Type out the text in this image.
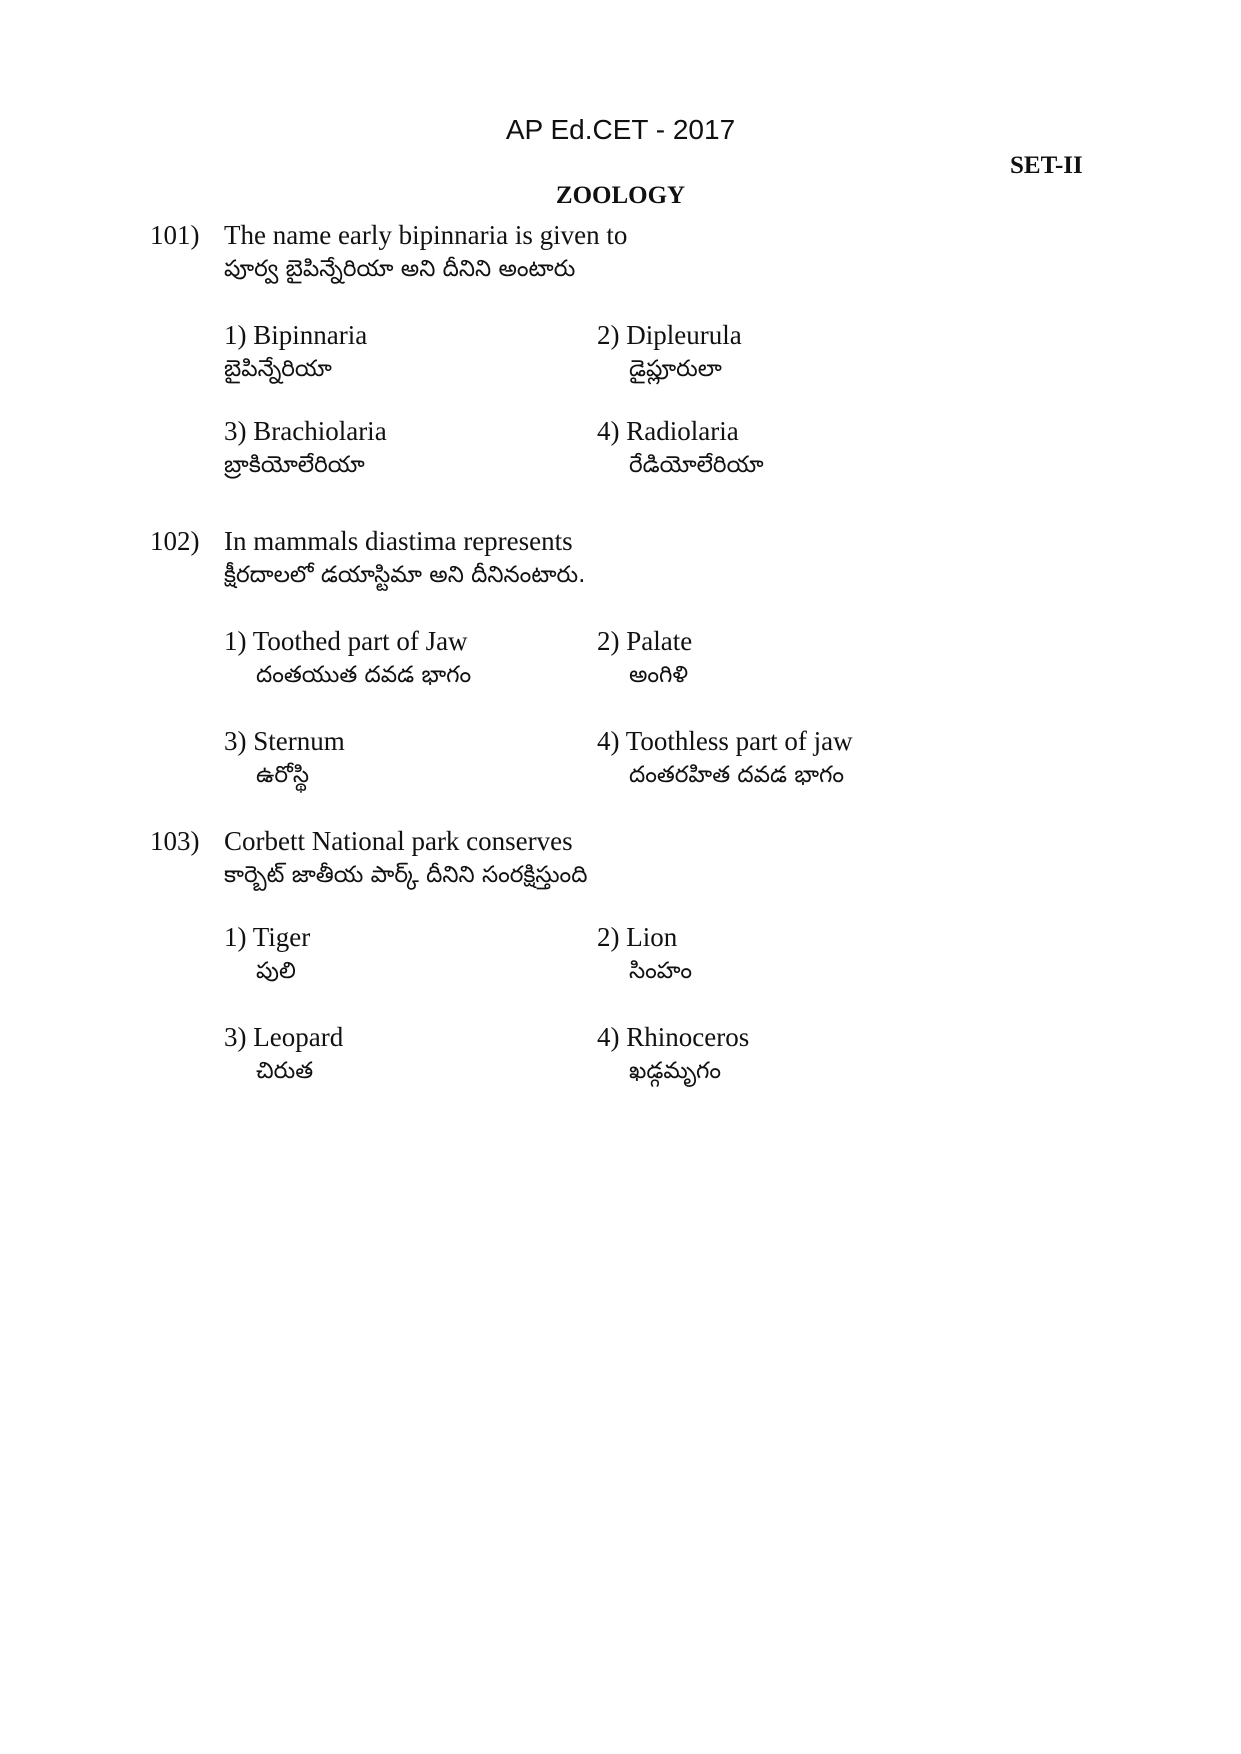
AP Ed.CET - 2017
SET-II
ZOOLOGY
101) The name early bipinnaria is given to
పూర్వ బైపిన్నేరియా అని దీనిని అంటారు
1) Bipinnaria
బైపిన్నేరియా
2) Dipleurula
డైప్లూరులా
3) Brachiolaria
బ్రాకియోలేరియా
4) Radiolaria
రేడియోలేరియా
102) In mammals diastima represents
క్షీరదాలలో డయాస్టిమా అని దీనినంటారు.
1) Toothed part of Jaw
దంతయుత దవడ భాగం
2) Palate
అంగిళి
3) Sternum
ఉరోస్థి
4) Toothless part of jaw
దంతరహిత దవడ భాగం
103) Corbett National park conserves
కార్బెట్ జాతీయ పార్క్ దీనిని సంరక్షిస్తుంది
1) Tiger
పులి
2) Lion
సింహం
3) Leopard
చిరుత
4) Rhinoceros
ఖడ్గమృగం
